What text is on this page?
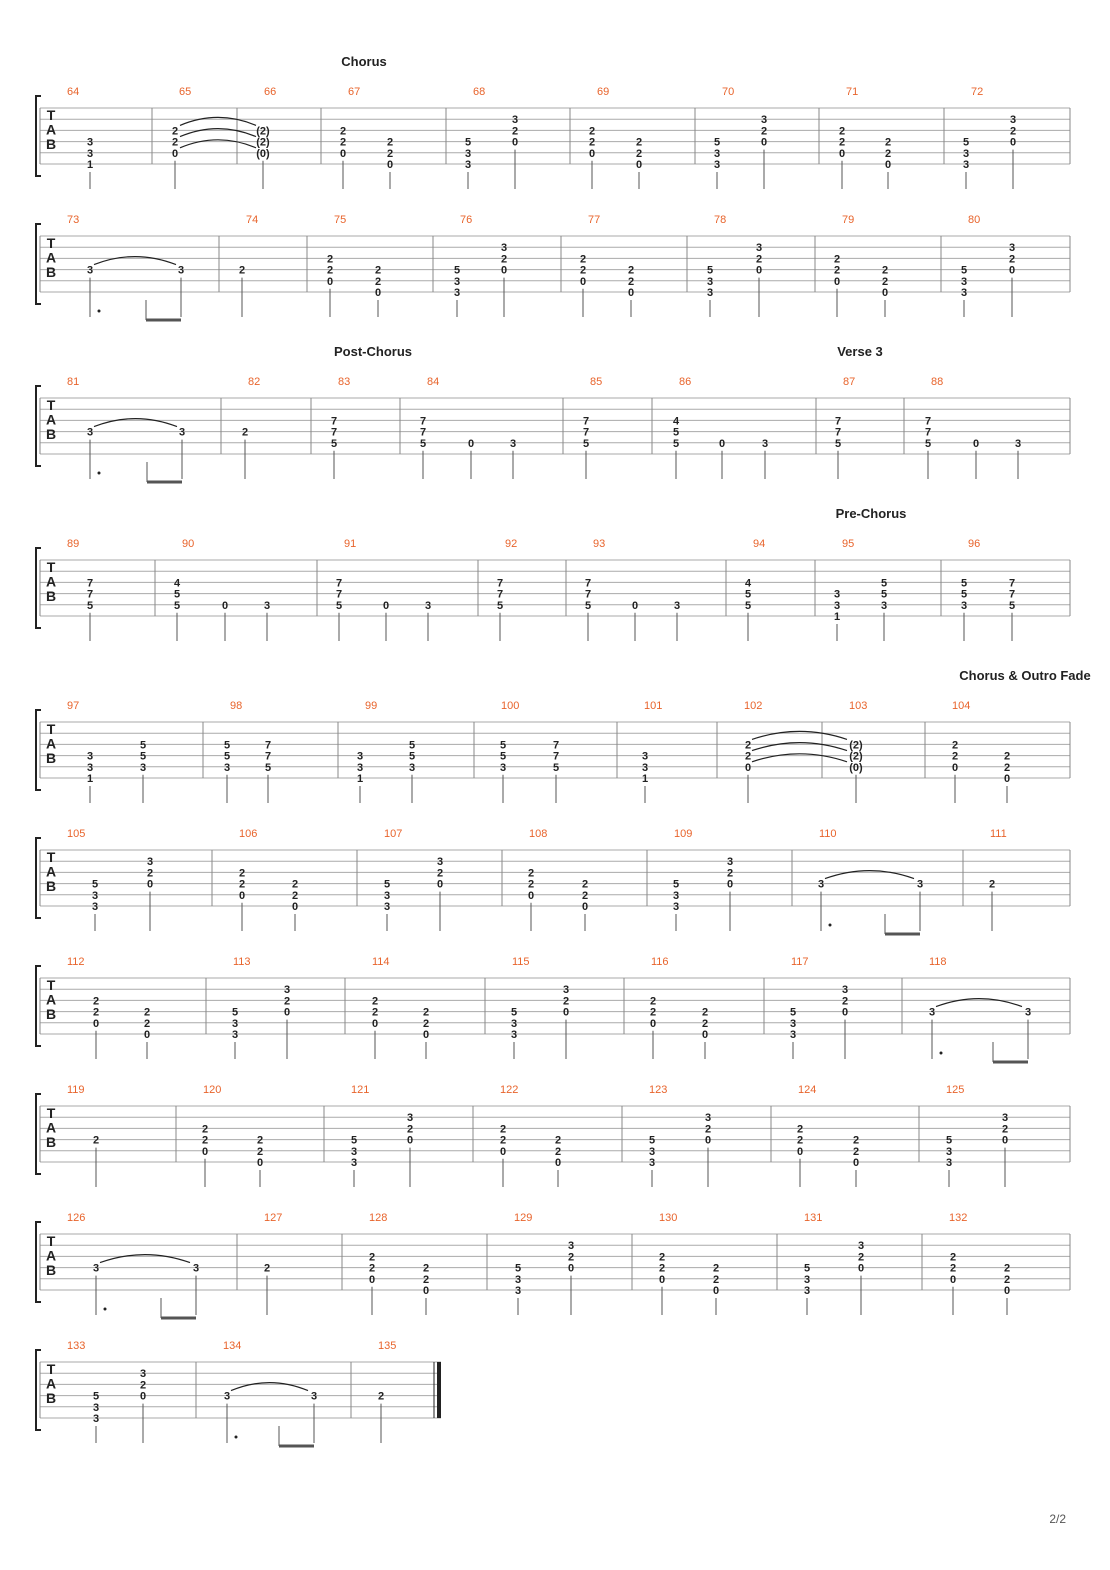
Chorus
T
A
B
64
3
3
1
65
2
2
0
66
(2)
(2)
(0)
67
2
2
0
2
2
0
68
5
3
3
3
2
0
69
2
2
0
2
2
0
70
5
3
3
3
2
0
71
2
2
0
2
2
0
72
5
3
3
3
2
0
T
A
B
73
3	3
74
2
75
2
2
0
2
2
0
76
5
3
3
3
2
0
77
2
2
0
2
2
0
78
5
3
3
3
2
0
79
2
2
0
2
2
0
80
5
3
3
3
2
0
Post-Chorus	Verse 3
T
A
B
81
3	3
82
2
83
7
7
5
84
7
7
5	0	3
85
7
7
5
86
4
5
5	0	3
87
7
7
5
88
7
7
5	0	3
Pre-Chorus
T
A
B
89
7
7
5
90
4
5
5	0	3
91
7
7
5	0	3
92
7
7
5
93
7
7
5	0	3
94
4
5
5
95
3
3
1
5
5
3
96
5
5
3
7
7
5
Chorus & Outro Fade
T
A
B
97
3
3
1
5
5
3
98
5
5
3
7
7
5
99
3
3
1
5
5
3
100
5
5
3
7
7
5
101
3
3
1
102
2
2
0
103
(2)
(2)
(0)
104
2
2
0
2
2
0
T
A
B
105
5
3
3
3
2
0
106
2
2
0
2
2
0
107
5
3
3
3
2
0
108
2
2
0
2
2
0
109
5
3
3
3
2
0
110
3	3
111
2
T
A
B
112
2
2
0
2
2
0
113
5
3
3
3
2
0
114
2
2
0
2
2
0
115
5
3
3
3
2
0
116
2
2
0
2
2
0
117
5
3
3
3
2
0
118
3	3
T
A
B
119
2
120
2
2
0
2
2
0
121
5
3
3
3
2
0
122
2
2
0
2
2
0
123
5
3
3
3
2
0
124
2
2
0
2
2
0
125
5
3
3
3
2
0
T
A
B
126
3	3
127
2
128
2
2
0
2
2
0
129
5
3
3
3
2
0
130
2
2
0
2
2
0
131
5
3
3
3
2
0
132
2
2
0
2
2
0
T
A
B
133
5
3
3
3
2
0
134
3	3
135
2
2/2
